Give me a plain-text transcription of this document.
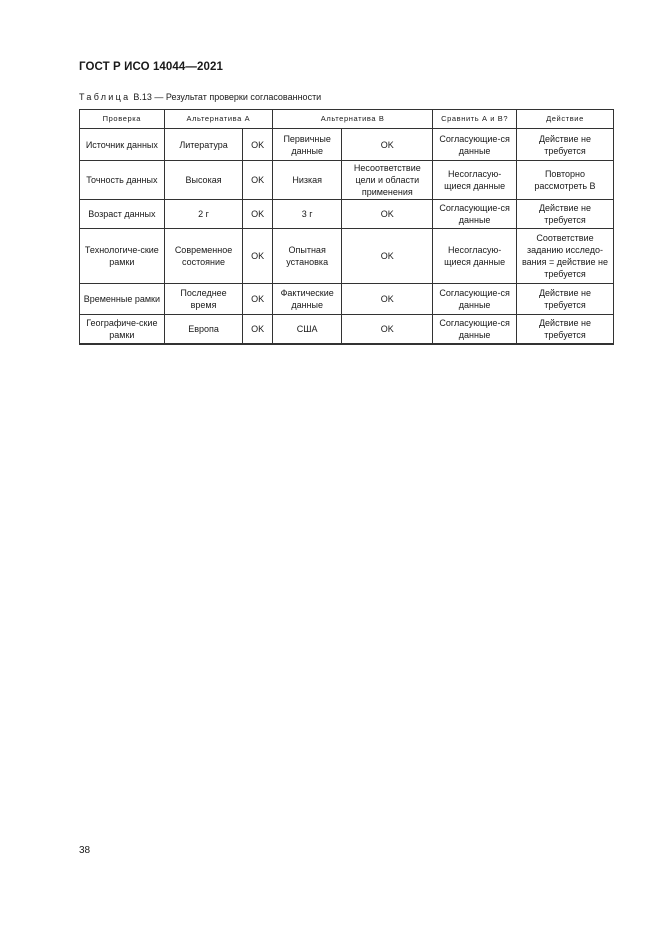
ГОСТ Р ИСО 14044—2021
Таблица В.13 — Результат проверки согласованности
Проверка	Альтернатива А		Альтернатива В		Сравнить А и В?	Действие
Источник данных	Литература	OK	Первичные данные	OK	Согласующие-ся данные	Действие не требуется
Точность данных	Высокая	OK	Низкая	Несоответствие цели и области применения	Несогласую-щиеся данные	Повторно рассмотреть В
Возраст данных	2 г	OK	3 г	OK	Согласующие-ся данные	Действие не требуется
Технологиче-ские рамки	Современное состояние	OK	Опытная установка	OK	Несогласую-щиеся данные	Соответствие заданию исследо-вания = действие не требуется
Временные рамки	Последнее время	OK	Фактические данные	OK	Согласующие-ся данные	Действие не требуется
Географиче-ские рамки	Европа	OK	США	OK	Согласующие-ся данные	Действие не требуется
38
